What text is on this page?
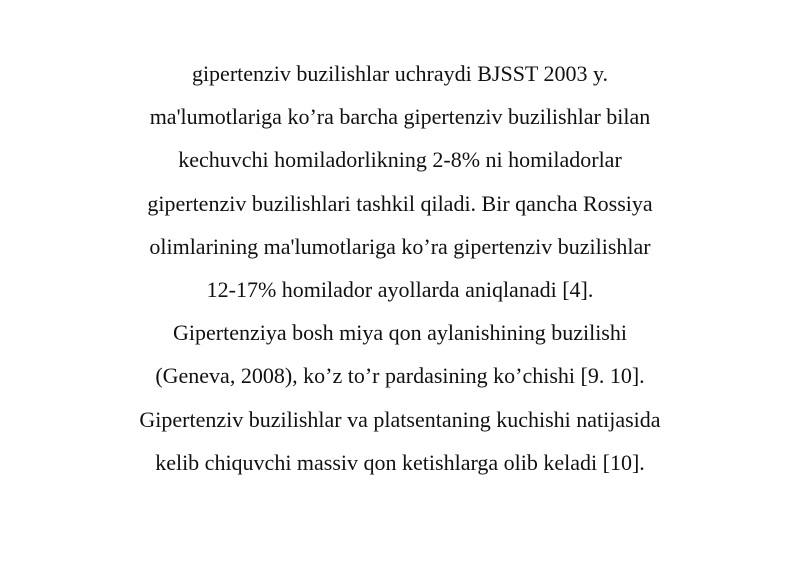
gipertenziv buzilishlar uchraydi BJSST 2003 y.
ma'lumotlariga ko’ra barcha gipertenziv buzilishlar bilan
kechuvchi homiladorlikning 2-8% ni homiladorlar
gipertenziv buzilishlari tashkil qiladi. Bir qancha Rossiya
olimlarining ma'lumotlariga ko’ra gipertenziv buzilishlar
12-17% homilador ayollarda aniqlanadi [4].
Gipertenziya bosh miya qon aylanishining buzilishi
(Geneva, 2008), ko’z to’r pardasining ko’chishi [9. 10].
Gipertenziv buzilishlar va platsentaning kuchishi natijasida
kelib chiquvchi massiv qon ketishlarga olib keladi [10].
